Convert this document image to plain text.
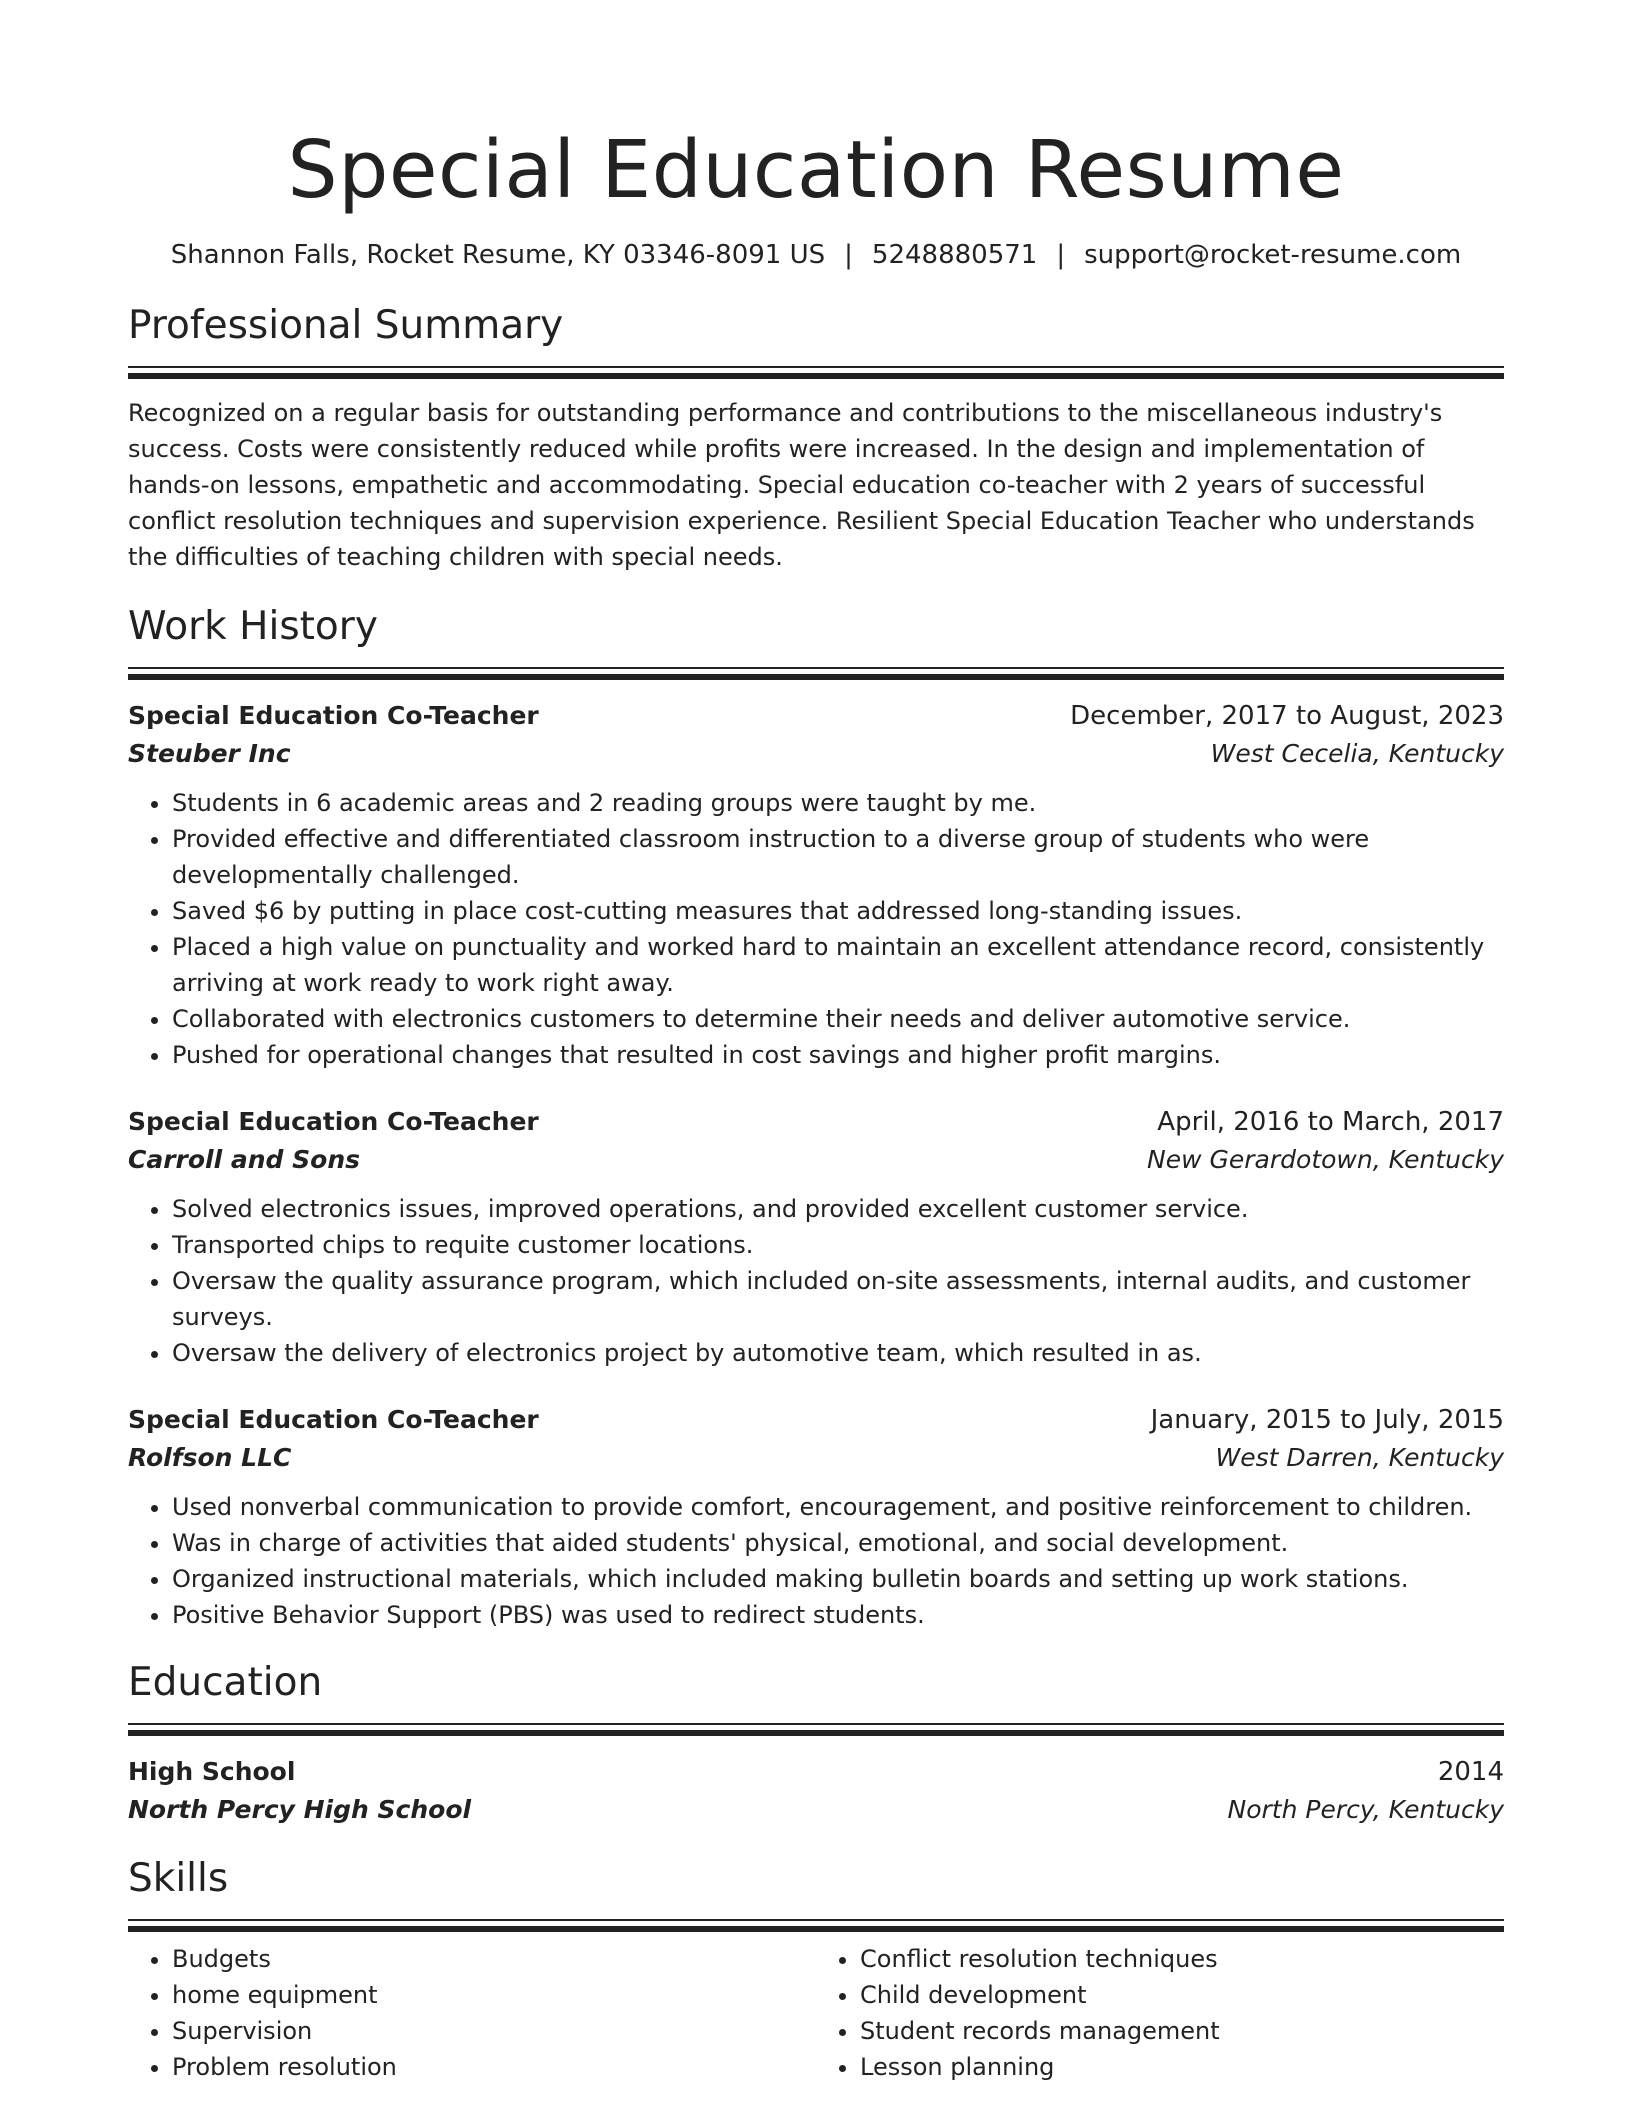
Special Education Resume
Shannon Falls, Rocket Resume, KY 03346-8091 US | 5248880571 | support@rocket-resume.com
Professional Summary
Recognized on a regular basis for outstanding performance and contributions to the miscellaneous industry's success. Costs were consistently reduced while profits were increased. In the design and implementation of hands-on lessons, empathetic and accommodating. Special education co-teacher with 2 years of successful conflict resolution techniques and supervision experience. Resilient Special Education Teacher who understands the difficulties of teaching children with special needs.
Work History
Special Education Co-Teacher	December, 2017 to August, 2023
Steuber Inc	West Cecelia, Kentucky
• Students in 6 academic areas and 2 reading groups were taught by me.
• Provided effective and differentiated classroom instruction to a diverse group of students who were developmentally challenged.
• Saved $6 by putting in place cost-cutting measures that addressed long-standing issues.
• Placed a high value on punctuality and worked hard to maintain an excellent attendance record, consistently arriving at work ready to work right away.
• Collaborated with electronics customers to determine their needs and deliver automotive service.
• Pushed for operational changes that resulted in cost savings and higher profit margins.
Special Education Co-Teacher	April, 2016 to March, 2017
Carroll and Sons	New Gerardotown, Kentucky
• Solved electronics issues, improved operations, and provided excellent customer service.
• Transported chips to requite customer locations.
• Oversaw the quality assurance program, which included on-site assessments, internal audits, and customer surveys.
• Oversaw the delivery of electronics project by automotive team, which resulted in as.
Special Education Co-Teacher	January, 2015 to July, 2015
Rolfson LLC	West Darren, Kentucky
• Used nonverbal communication to provide comfort, encouragement, and positive reinforcement to children.
• Was in charge of activities that aided students' physical, emotional, and social development.
• Organized instructional materials, which included making bulletin boards and setting up work stations.
• Positive Behavior Support (PBS) was used to redirect students.
Education
High School	2014
North Percy High School	North Percy, Kentucky
Skills
• Budgets
• home equipment
• Supervision
• Problem resolution
• Conflict resolution techniques
• Child development
• Student records management
• Lesson planning
